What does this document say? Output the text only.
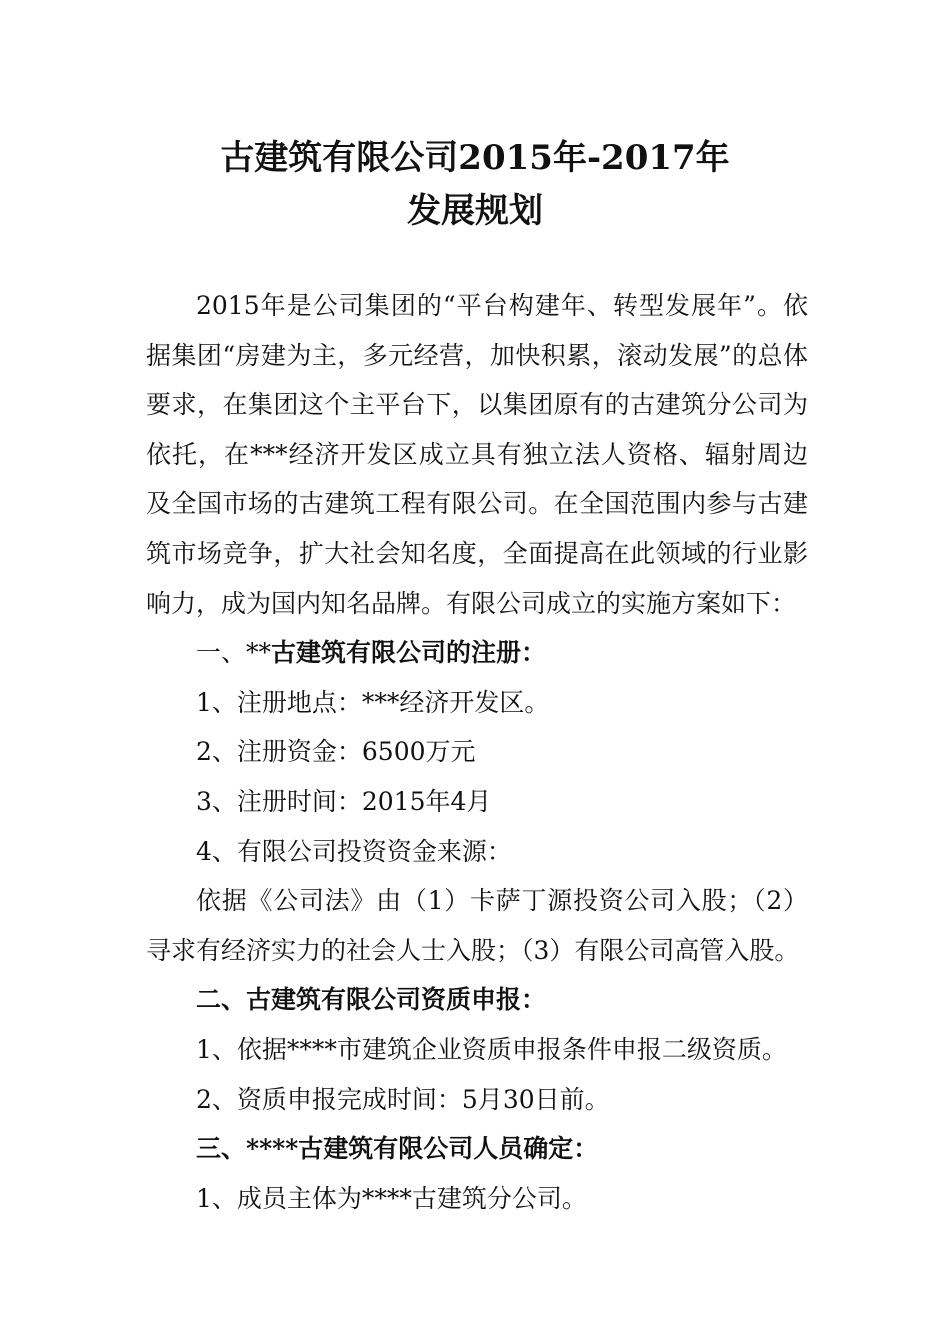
古建筑有限公司2015年-2017年
发展规划

2015年是公司集团的“平台构建年、转型发展年”。依据集团“房建为主，多元经营，加快积累，滚动发展”的总体要求，在集团这个主平台下，以集团原有的古建筑分公司为依托，在***经济开发区成立具有独立法人资格、辐射周边及全国市场的古建筑工程有限公司。在全国范围内参与古建筑市场竞争，扩大社会知名度，全面提高在此领域的行业影响力，成为国内知名品牌。有限公司成立的实施方案如下：

一、**古建筑有限公司的注册：

1、注册地点：***经济开发区。

2、注册资金：6500万元

3、注册时间：2015年4月

4、有限公司投资资金来源：

依据《公司法》由（1）卡萨丁源投资公司入股；（2）寻求有经济实力的社会人士入股；（3）有限公司高管入股。

二、古建筑有限公司资质申报：

1、依据****市建筑企业资质申报条件申报二级资质。

2、资质申报完成时间：5月30日前。

三、****古建筑有限公司人员确定：

1、成员主体为****古建筑分公司。
